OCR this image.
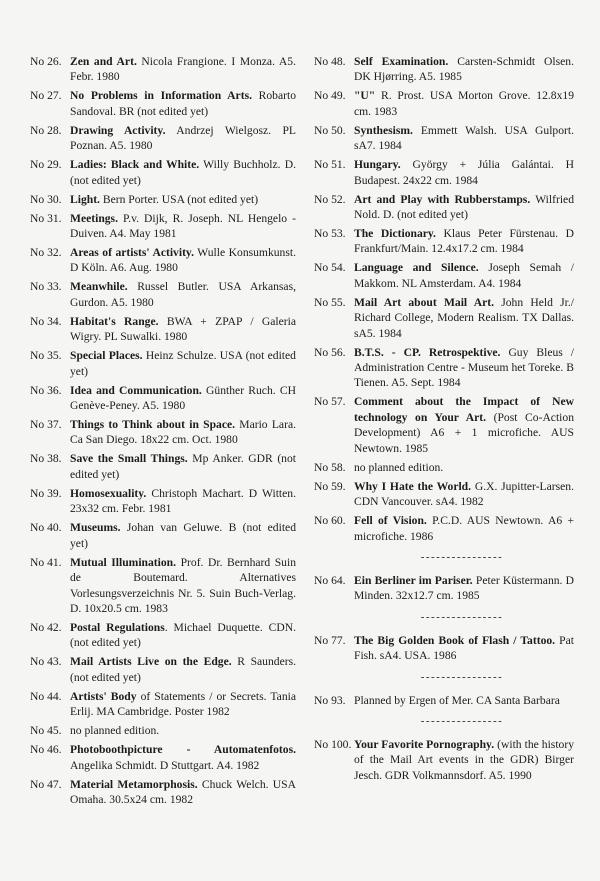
No 26. Zen and Art. Nicola Frangione. I Monza. A5. Febr. 1980
No 27. No Problems in Information Arts. Robarto Sandoval. BR (not edited yet)
No 28. Drawing Activity. Andrzej Wielgosz. PL Poznan. A5. 1980
No 29. Ladies: Black and White. Willy Buchholz. D. (not edited yet)
No 30. Light. Bern Porter. USA (not edited yet)
No 31. Meetings. P.v. Dijk, R. Joseph. NL Hengelo - Duiven. A4. May 1981
No 32. Areas of artists' Activity. Wulle Konsumkunst. D Köln. A6. Aug. 1980
No 33. Meanwhile. Russel Butler. USA Arkansas, Gurdon. A5. 1980
No 34. Habitat's Range. BWA + ZPAP / Galeria Wigry. PL Suwalki. 1980
No 35. Special Places. Heinz Schulze. USA (not edited yet)
No 36. Idea and Communication. Günther Ruch. CH Genève-Peney. A5. 1980
No 37. Things to Think about in Space. Mario Lara. Ca San Diego. 18x22 cm. Oct. 1980
No 38. Save the Small Things. Mp Anker. GDR (not edited yet)
No 39. Homosexuality. Christoph Machart. D Witten. 23x32 cm. Febr. 1981
No 40. Museums. Johan van Geluwe. B (not edited yet)
No 41. Mutual Illumination. Prof. Dr. Bernhard Suin de Boutemard. Alternatives Vorlesungsverzeichnis Nr. 5. Suin Buch-Verlag. D. 10x20.5 cm. 1983
No 42. Postal Regulations. Michael Duquette. CDN. (not edited yet)
No 43. Mail Artists Live on the Edge. R Saunders. (not edited yet)
No 44. Artists' Body of Statements / or Secrets. Tania Erlij. MA Cambridge. Poster 1982
No 45. no planned edition.
No 46. Photoboothpicture - Automatenfotos. Angelika Schmidt. D Stuttgart. A4. 1982
No 47. Material Metamorphosis. Chuck Welch. USA Omaha. 30.5x24 cm. 1982
No 48. Self Examination. Carsten-Schmidt Olsen. DK Hjørring. A5. 1985
No 49. "U" R. Prost. USA Morton Grove. 12.8x19 cm. 1983
No 50. Synthesism. Emmett Walsh. USA Gulport. sA7. 1984
No 51. Hungary. György + Júlia Galántai. H Budapest. 24x22 cm. 1984
No 52. Art and Play with Rubberstamps. Wilfried Nold. D. (not edited yet)
No 53. The Dictionary. Klaus Peter Fürstenau. D Frankfurt/Main. 12.4x17.2 cm. 1984
No 54. Language and Silence. Joseph Semah / Makkom. NL Amsterdam. A4. 1984
No 55. Mail Art about Mail Art. John Held Jr./ Richard College, Modern Realism. TX Dallas. sA5. 1984
No 56. B.T.S. - CP. Retrospektive. Guy Bleus / Administration Centre - Museum het Toreke. B Tienen. A5. Sept. 1984
No 57. Comment about the Impact of New technology on Your Art. (Post Co-Action Development) A6 + 1 microfiche. AUS Newtown. 1985
No 58. no planned edition.
No 59. Why I Hate the World. G.X. Jupitter-Larsen. CDN Vancouver. sA4. 1982
No 60. Fell of Vision. P.C.D. AUS Newtown. A6 + microfiche. 1986
----------------
No 64. Ein Berliner im Pariser. Peter Küstermann. D Minden. 32x12.7 cm. 1985
----------------
No 77. The Big Golden Book of Flash / Tattoo. Pat Fish. sA4. USA. 1986
----------------
No 93. Planned by Ergen of Mer. CA Santa Barbara
----------------
No 100. Your Favorite Pornography. (with the history of the Mail Art events in the GDR) Birger Jesch. GDR Volkmannsdorf. A5. 1990
